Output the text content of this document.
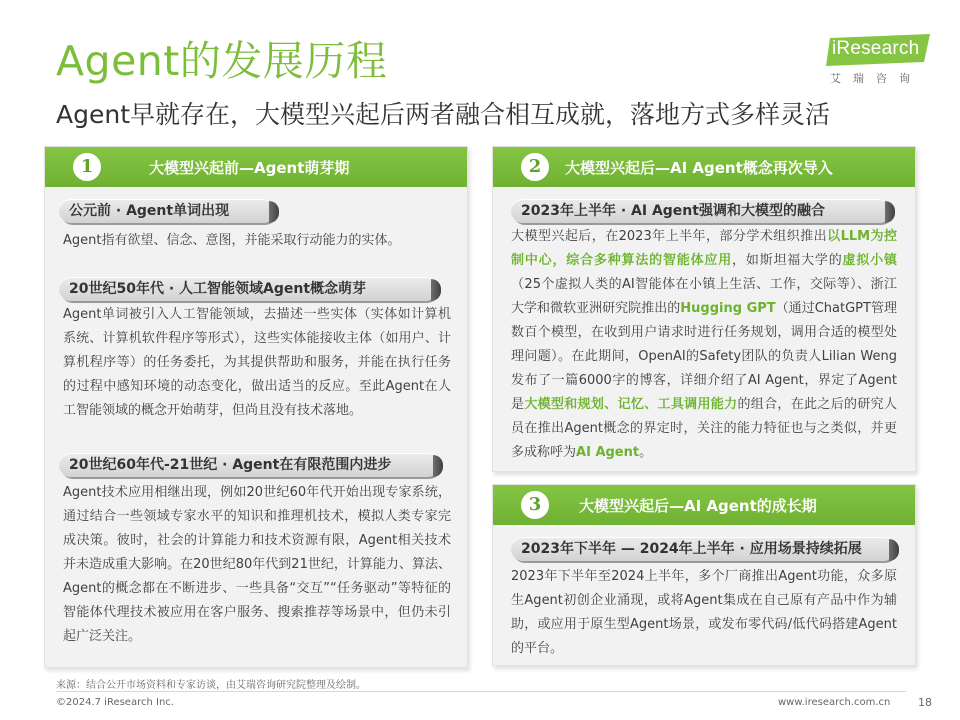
Agent的发展历程
Agent早就存在，大模型兴起后两者融合相互成就，落地方式多样灵活
iResearch
艾瑞咨询
1	大模型兴起前—Agent萌芽期
公元前 · Agent单词出现
Agent指有欲望、信念、意图，并能采取行动能力的实体。
20世纪50年代 · 人工智能领域Agent概念萌芽
Agent单词被引入人工智能领域，去描述一些实体（实体如计算机系统、计算机软件程序等形式），这些实体能接收主体（如用户、计算机程序等）的任务委托，为其提供帮助和服务，并能在执行任务的过程中感知环境的动态变化，做出适当的反应。至此Agent在人工智能领域的概念开始萌芽，但尚且没有技术落地。
20世纪60年代-21世纪 · Agent在有限范围内进步
Agent技术应用相继出现，例如20世纪60年代开始出现专家系统，通过结合一些领域专家水平的知识和推理机技术，模拟人类专家完成决策。彼时，社会的计算能力和技术资源有限，Agent相关技术并未造成重大影响。在20世纪80年代到21世纪，计算能力、算法、Agent的概念都在不断进步、一些具备“交互”“任务驱动”等特征的智能体代理技术被应用在客户服务、搜索推荐等场景中，但仍未引起广泛关注。
2	大模型兴起后—AI Agent概念再次导入
2023年上半年 · AI Agent强调和大模型的融合
大模型兴起后，在2023年上半年，部分学术组织推出以LLM为控制中心，综合多种算法的智能体应用，如斯坦福大学的虚拟小镇（25个虚拟人类的AI智能体在小镇上生活、工作，交际等）、浙江大学和微软亚洲研究院推出的Hugging GPT（通过ChatGPT管理数百个模型，在收到用户请求时进行任务规划，调用合适的模型处理问题）。在此期间，OpenAI的Safety团队的负责人Lilian Weng发布了一篇6000字的博客，详细介绍了AI Agent，界定了Agent是大模型和规划、记忆、工具调用能力的组合，在此之后的研究人员在推出Agent概念的界定时，关注的能力特征也与之类似，并更多成称呼为AI Agent。
3	大模型兴起后—AI Agent的成长期
2023年下半年 — 2024年上半年 · 应用场景持续拓展
2023年下半年至2024上半年，多个厂商推出Agent功能，众多原生Agent初创企业涌现，或将Agent集成在自己原有产品中作为辅助，或应用于原生型Agent场景，或发布零代码/低代码搭建Agent的平台。
来源：结合公开市场资料和专家访谈，由艾瑞咨询研究院整理及绘制。
©2024.7 iResearch Inc.	www.iresearch.com.cn	18
